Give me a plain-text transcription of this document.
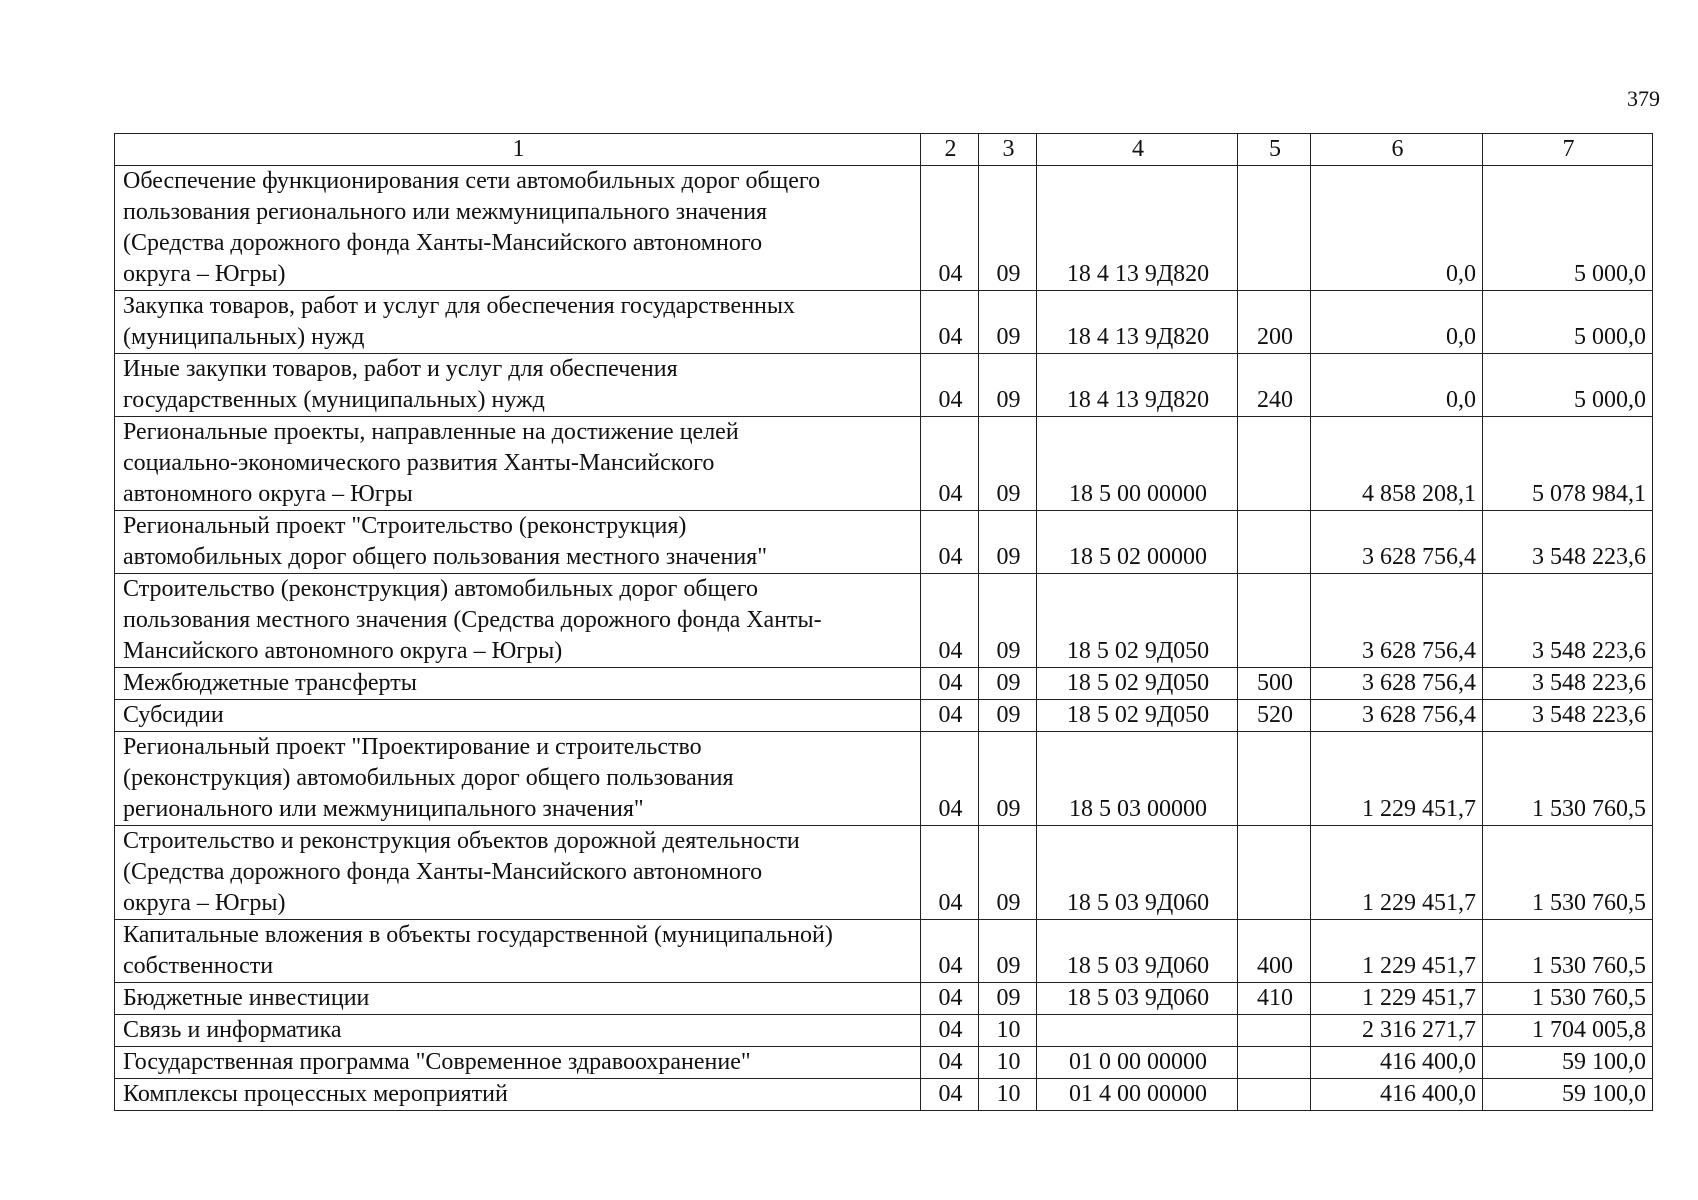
379
1	2	3	4	5	6	7

Обеспечение функционирования сети автомобильных дорог общего
пользования регионального или межмуниципального значения
(Средства дорожного фонда Ханты-Мансийского автономного
округа – Югры)	04	09	18 4 13 9Д820		0,0	5 000,0

Закупка товаров, работ и услуг для обеспечения государственных
(муниципальных) нужд	04	09	18 4 13 9Д820	200	0,0	5 000,0

Иные закупки товаров, работ и услуг для обеспечения
государственных (муниципальных) нужд	04	09	18 4 13 9Д820	240	0,0	5 000,0

Региональные проекты, направленные на достижение целей
социально-экономического развития Ханты-Мансийского
автономного округа – Югры	04	09	18 5 00 00000		4 858 208,1	5 078 984,1

Региональный проект "Строительство (реконструкция)
автомобильных дорог общего пользования местного значения"	04	09	18 5 02 00000		3 628 756,4	3 548 223,6

Строительство (реконструкция) автомобильных дорог общего
пользования местного значения (Средства дорожного фонда Ханты-
Мансийского автономного округа – Югры)	04	09	18 5 02 9Д050		3 628 756,4	3 548 223,6

Межбюджетные трансферты	04	09	18 5 02 9Д050	500	3 628 756,4	3 548 223,6

Субсидии	04	09	18 5 02 9Д050	520	3 628 756,4	3 548 223,6

Региональный проект "Проектирование и строительство
(реконструкция) автомобильных дорог общего пользования
регионального или межмуниципального значения"	04	09	18 5 03 00000		1 229 451,7	1 530 760,5

Строительство и реконструкция объектов дорожной деятельности
(Средства дорожного фонда Ханты-Мансийского автономного
округа – Югры)	04	09	18 5 03 9Д060		1 229 451,7	1 530 760,5

Капитальные вложения в объекты государственной (муниципальной)
собственности	04	09	18 5 03 9Д060	400	1 229 451,7	1 530 760,5

Бюджетные инвестиции	04	09	18 5 03 9Д060	410	1 229 451,7	1 530 760,5

Связь и информатика	04	10			2 316 271,7	1 704 005,8

Государственная программа "Современное здравоохранение"	04	10	01 0 00 00000		416 400,0	59 100,0

Комплексы процессных мероприятий	04	10	01 4 00 00000		416 400,0	59 100,0
